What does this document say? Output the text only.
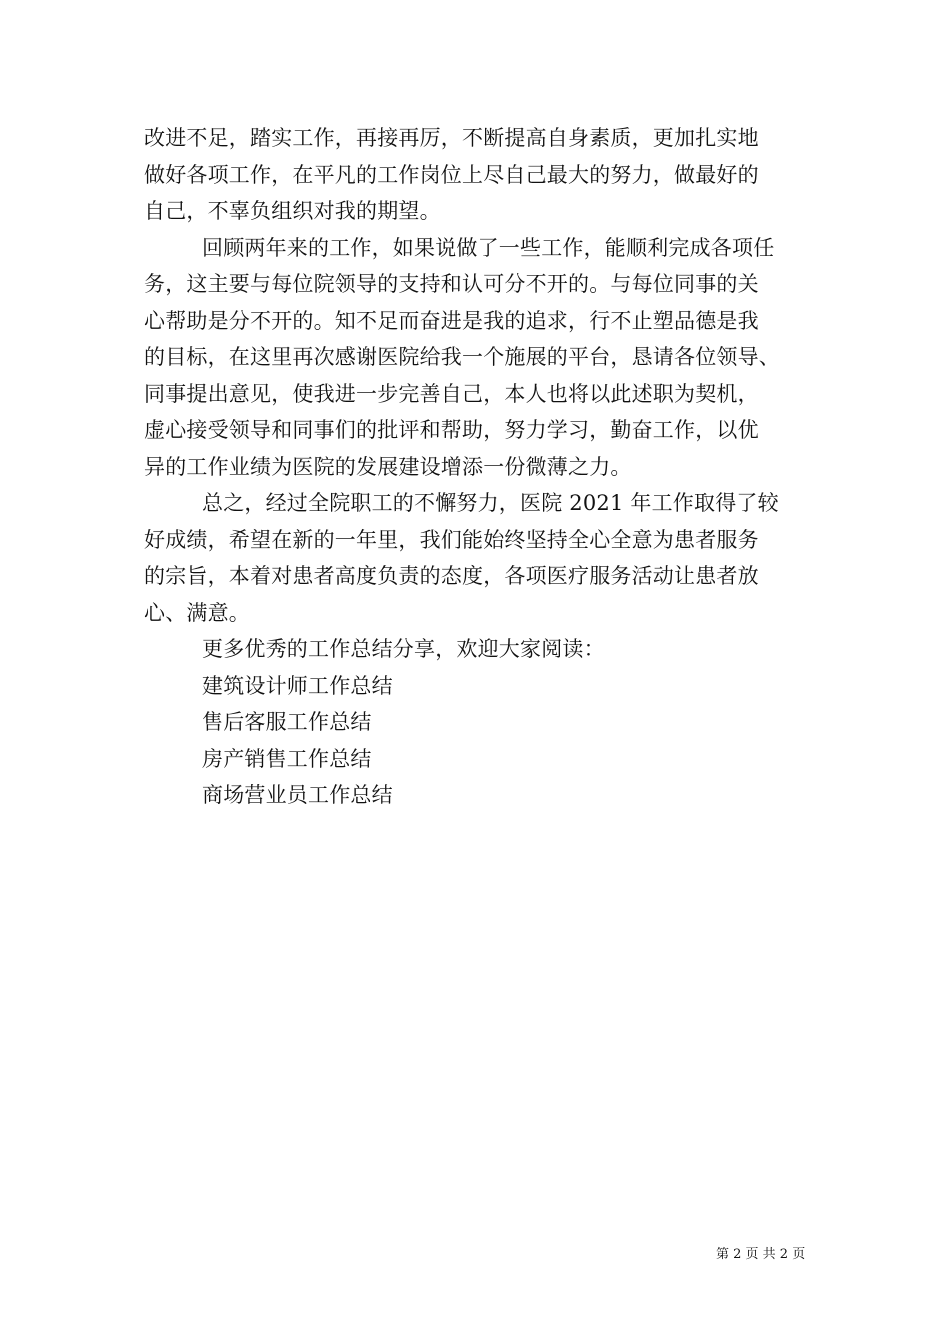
改进不足，踏实工作，再接再厉，不断提高自身素质，更加扎实地
做好各项工作，在平凡的工作岗位上尽自己最大的努力，做最好的
自己，不辜负组织对我的期望。
回顾两年来的工作，如果说做了一些工作，能顺利完成各项任
务，这主要与每位院领导的支持和认可分不开的。与每位同事的关
心帮助是分不开的。知不足而奋进是我的追求，行不止塑品德是我
的目标，在这里再次感谢医院给我一个施展的平台，恳请各位领导、
同事提出意见，使我进一步完善自己，本人也将以此述职为契机，
虚心接受领导和同事们的批评和帮助，努力学习，勤奋工作，以优
异的工作业绩为医院的发展建设增添一份微薄之力。
总之，经过全院职工的不懈努力，医院 2021 年工作取得了较
好成绩，希望在新的一年里，我们能始终坚持全心全意为患者服务
的宗旨，本着对患者高度负责的态度，各项医疗服务活动让患者放
心、满意。
更多优秀的工作总结分享，欢迎大家阅读：
建筑设计师工作总结
售后客服工作总结
房产销售工作总结
商场营业员工作总结
第 2 页 共 2 页
